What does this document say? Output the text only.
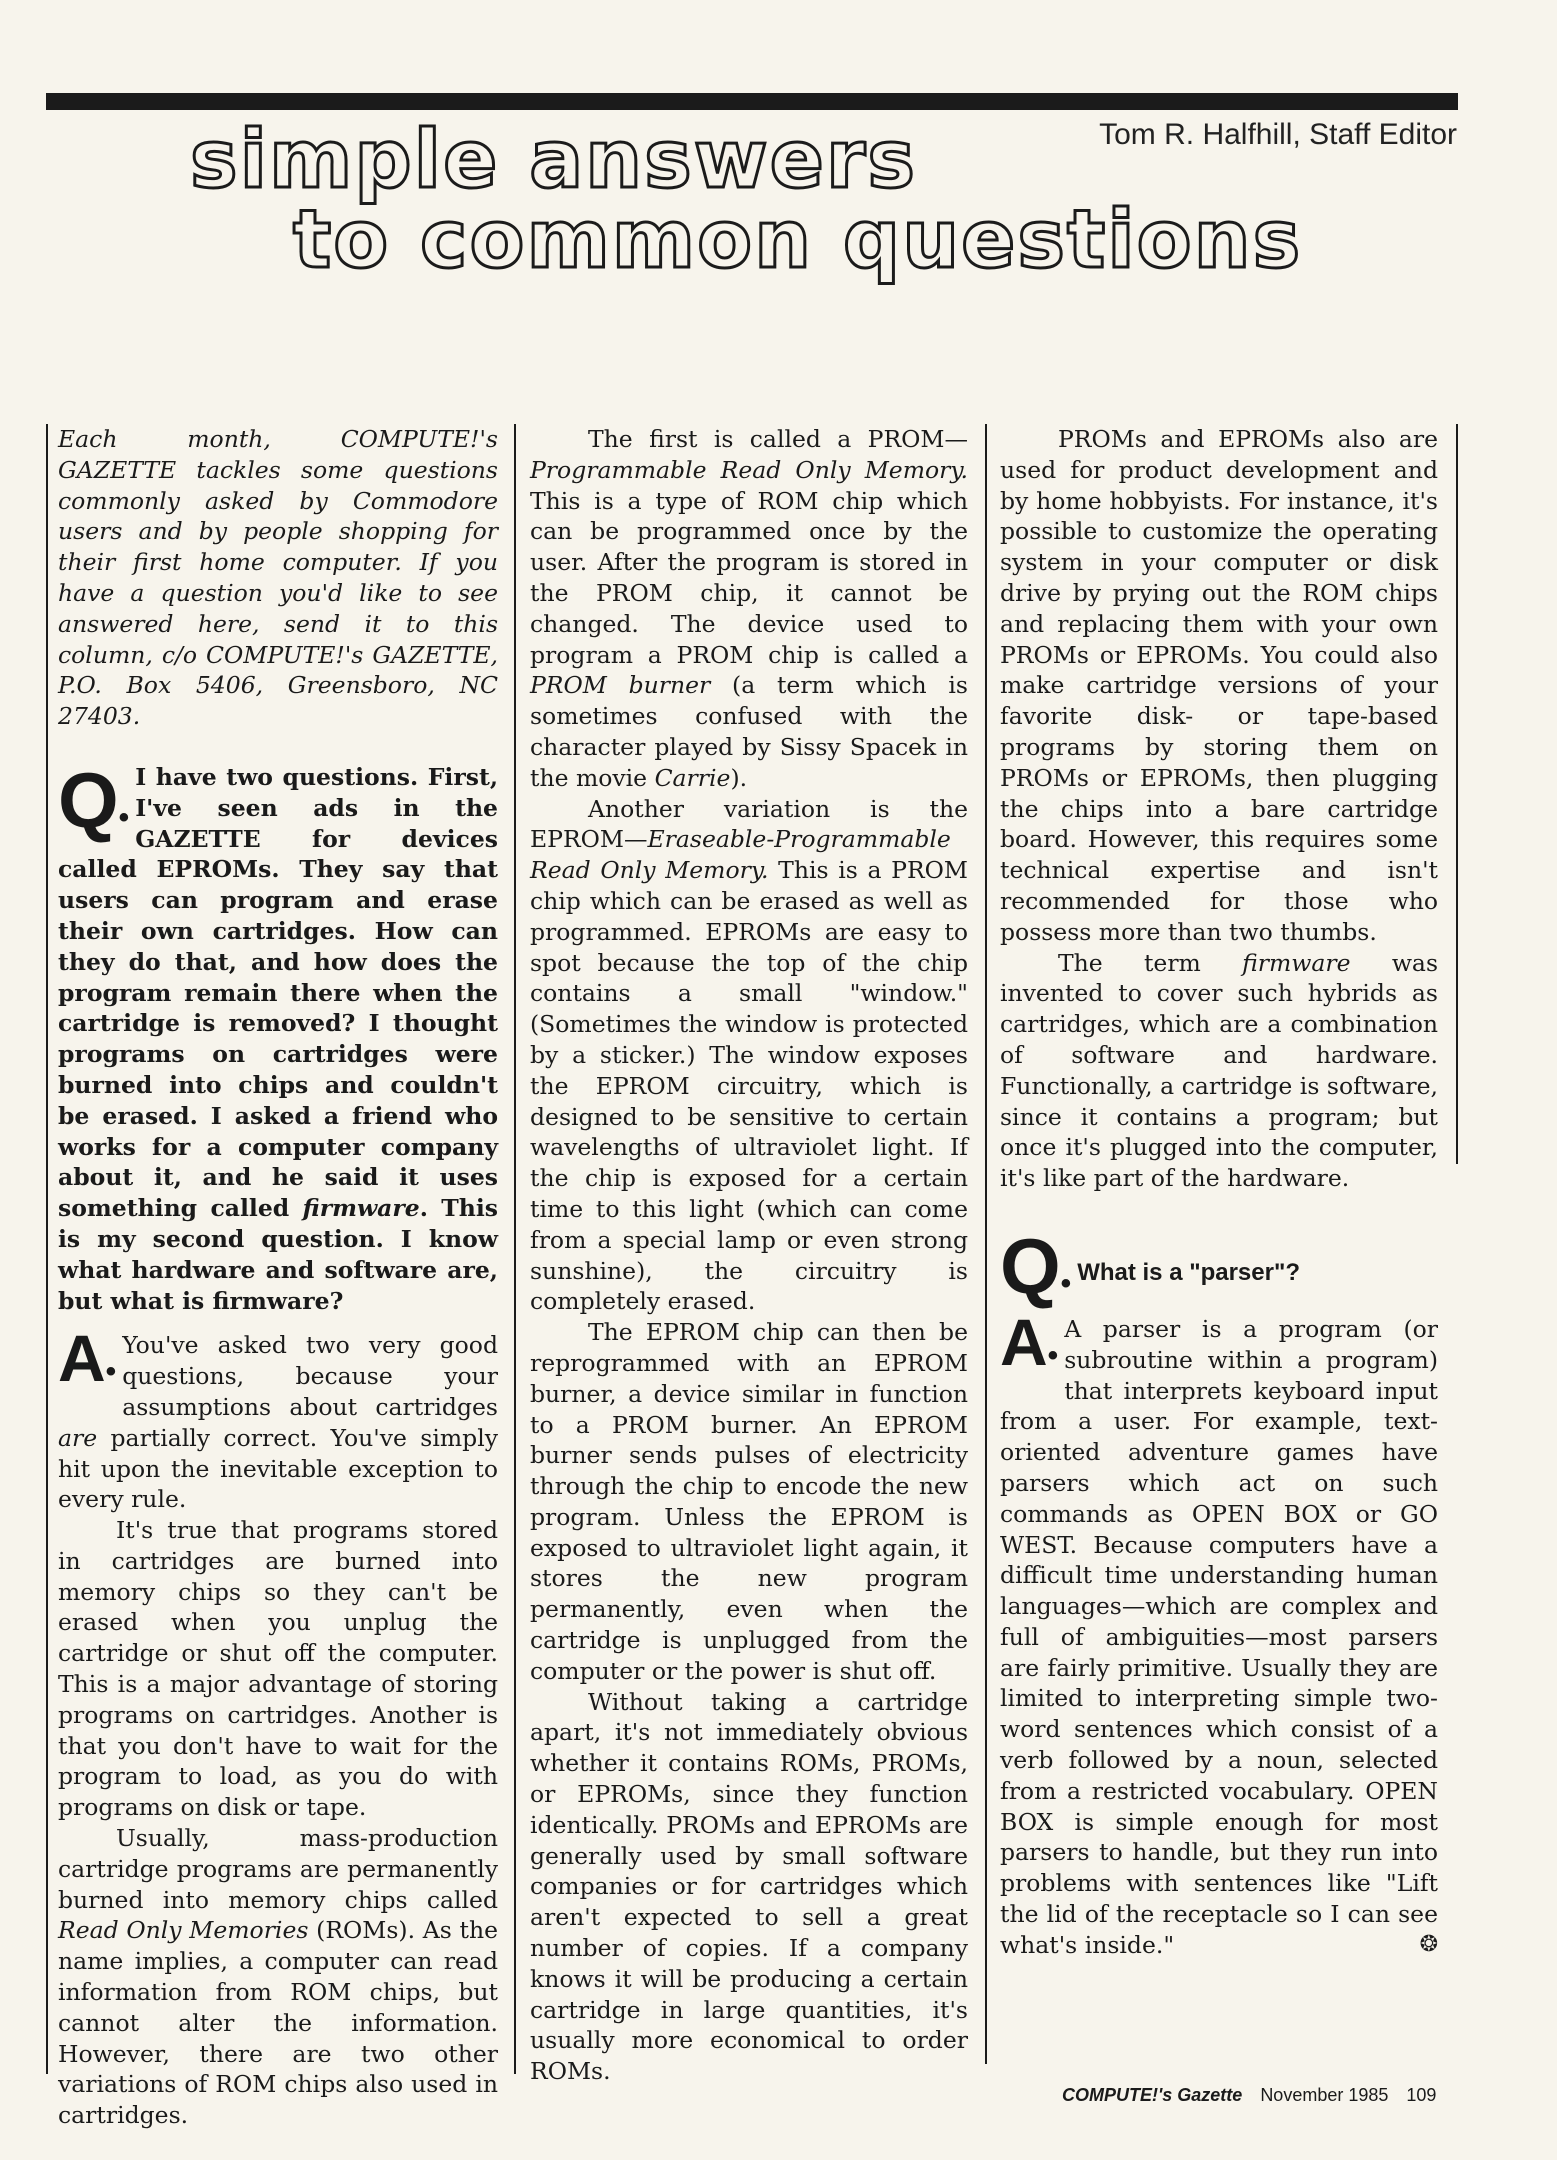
simple answers
to common questions
Tom R. Halfhill, Staff Editor

Each month, COMPUTE!'s GAZETTE tackles some questions commonly asked by Commodore users and by people shopping for their first home computer. If you have a question you'd like to see answered here, send it to this column, c/o COMPUTE!'s GAZETTE, P.O. Box 5406, Greensboro, NC 27403.

Q•
I have two questions. First, I've seen ads in the GAZETTE for devices called EPROMs. They say that users can program and erase their own cartridges. How can they do that, and how does the program remain there when the cartridge is removed? I thought programs on cartridges were burned into chips and couldn't be erased. I asked a friend who works for a computer company about it, and he said it uses something called firmware. This is my second question. I know what hardware and software are, but what is firmware?

A•
You've asked two very good questions, because your assumptions about cartridges are partially correct. You've simply hit upon the inevitable exception to every rule.

It's true that programs stored in cartridges are burned into memory chips so they can't be erased when you unplug the cartridge or shut off the computer. This is a major advantage of storing programs on cartridges. Another is that you don't have to wait for the program to load, as you do with programs on disk or tape.

Usually, mass-production cartridge programs are permanently burned into memory chips called Read Only Memories (ROMs). As the name implies, a computer can read information from ROM chips, but cannot alter the information. However, there are two other variations of ROM chips also used in cartridges.

The first is called a PROM—Programmable Read Only Memory. This is a type of ROM chip which can be programmed once by the user. After the program is stored in the PROM chip, it cannot be changed. The device used to program a PROM chip is called a PROM burner (a term which is sometimes confused with the character played by Sissy Spacek in the movie Carrie).

Another variation is the EPROM—Eraseable-Programmable Read Only Memory. This is a PROM chip which can be erased as well as programmed. EPROMs are easy to spot because the top of the chip contains a small "window." (Sometimes the window is protected by a sticker.) The window exposes the EPROM circuitry, which is designed to be sensitive to certain wavelengths of ultraviolet light. If the chip is exposed for a certain time to this light (which can come from a special lamp or even strong sunshine), the circuitry is completely erased.

The EPROM chip can then be reprogrammed with an EPROM burner, a device similar in function to a PROM burner. An EPROM burner sends pulses of electricity through the chip to encode the new program. Unless the EPROM is exposed to ultraviolet light again, it stores the new program permanently, even when the cartridge is unplugged from the computer or the power is shut off.

Without taking a cartridge apart, it's not immediately obvious whether it contains ROMs, PROMs, or EPROMs, since they function identically. PROMs and EPROMs are generally used by small software companies or for cartridges which aren't expected to sell a great number of copies. If a company knows it will be producing a certain cartridge in large quantities, it's usually more economical to order ROMs.

PROMs and EPROMs also are used for product development and by home hobbyists. For instance, it's possible to customize the operating system in your computer or disk drive by prying out the ROM chips and replacing them with your own PROMs or EPROMs. You could also make cartridge versions of your favorite disk- or tape-based programs by storing them on PROMs or EPROMs, then plugging the chips into a bare cartridge board. However, this requires some technical expertise and isn't recommended for those who possess more than two thumbs.

The term firmware was invented to cover such hybrids as cartridges, which are a combination of software and hardware. Functionally, a cartridge is software, since it contains a program; but once it's plugged into the computer, it's like part of the hardware.

Q• What is a "parser"?

A•
A parser is a program (or subroutine within a program) that interprets keyboard input from a user. For example, text-oriented adventure games have parsers which act on such commands as OPEN BOX or GO WEST. Because computers have a difficult time understanding human languages—which are complex and full of ambiguities—most parsers are fairly primitive. Usually they are limited to interpreting simple two-word sentences which consist of a verb followed by a noun, selected from a restricted vocabulary. OPEN BOX is simple enough for most parsers to handle, but they run into problems with sentences like "Lift the lid of the receptacle so I can see what's inside."	❂

COMPUTE!'s Gazette November 1985 109
